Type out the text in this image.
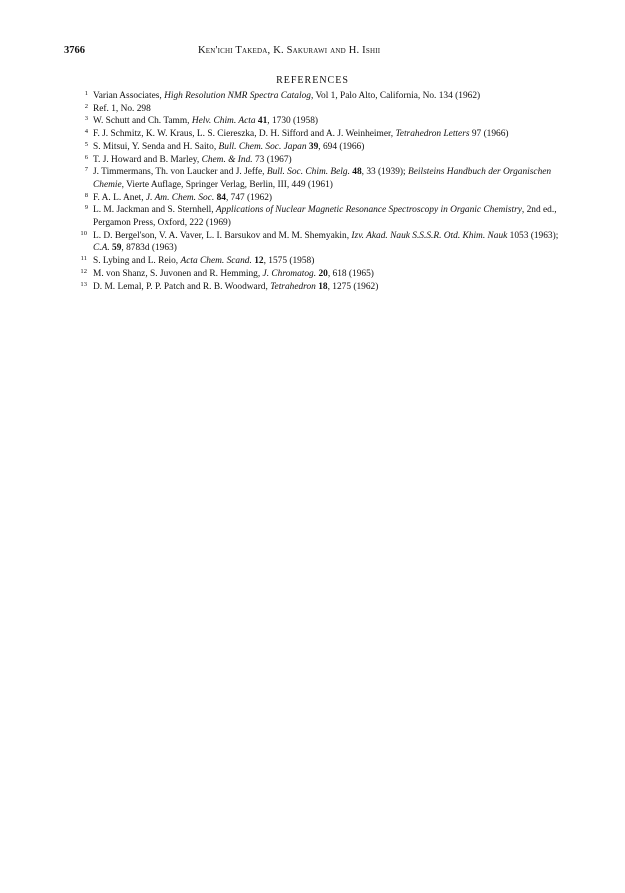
3766	Ken'ichi Takeda, K. Sakurawi and H. Ishii
REFERENCES
1 Varian Associates, High Resolution NMR Spectra Catalog, Vol 1, Palo Alto, California, No. 134 (1962)
2 Ref. 1, No. 298
3 W. Schutt and Ch. Tamm, Helv. Chim. Acta 41, 1730 (1958)
4 F. J. Schmitz, K. W. Kraus, L. S. Ciereszka, D. H. Sifford and A. J. Weinheimer, Tetrahedron Letters 97 (1966)
5 S. Mitsui, Y. Senda and H. Saito, Bull. Chem. Soc. Japan 39, 694 (1966)
6 T. J. Howard and B. Marley, Chem. & Ind. 73 (1967)
7 J. Timmermans, Th. von Laucker and J. Jeffe, Bull. Soc. Chim. Belg. 48, 33 (1939); Beilsteins Handbuch der Organischen Chemie, Vierte Auflage, Springer Verlag, Berlin, III, 449 (1961)
8 F. A. L. Anet, J. Am. Chem. Soc. 84, 747 (1962)
9 L. M. Jackman and S. Sternhell, Applications of Nuclear Magnetic Resonance Spectroscopy in Organic Chemistry, 2nd ed., Pergamon Press, Oxford, 222 (1969)
10 L. D. Bergel'son, V. A. Vaver, L. I. Barsukov and M. M. Shemyakin, Izv. Akad. Nauk S.S.S.R. Otd. Khim. Nauk 1053 (1963); C.A. 59, 8783d (1963)
11 S. Lybing and L. Reio, Acta Chem. Scand. 12, 1575 (1958)
12 M. von Shanz, S. Juvonen and R. Hemming, J. Chromatog. 20, 618 (1965)
13 D. M. Lemal, P. P. Patch and R. B. Woodward, Tetrahedron 18, 1275 (1962)
